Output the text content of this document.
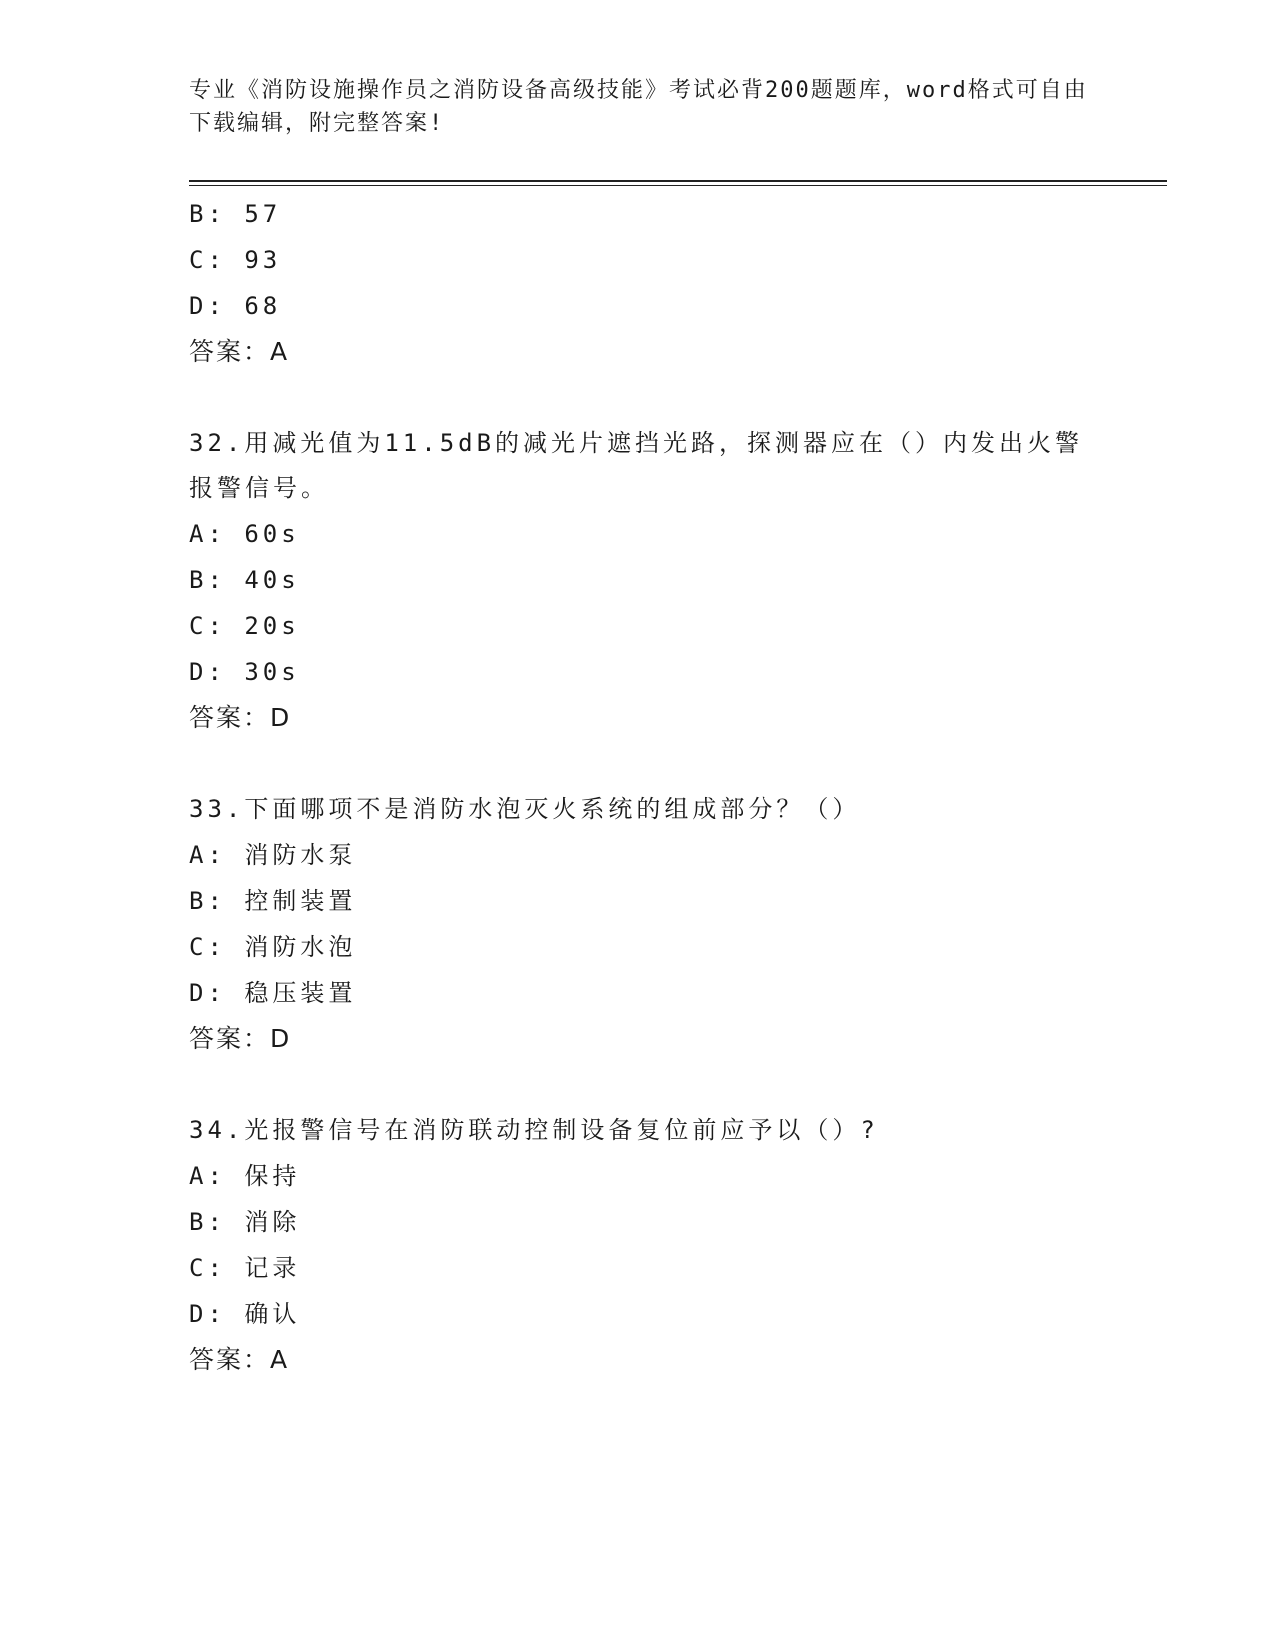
专业《消防设施操作员之消防设备高级技能》考试必背200题题库，word格式可自由下载编辑，附完整答案!
B: 57
C: 93
D: 68
答案：A
32.用减光值为11.5dB的减光片遮挡光路，探测器应在（）内发出火警报警信号。
A: 60s
B: 40s
C: 20s
D: 30s
答案：D
33.下面哪项不是消防水泡灭火系统的组成部分？（）
A: 消防水泵
B: 控制装置
C: 消防水泡
D: 稳压装置
答案：D
34.光报警信号在消防联动控制设备复位前应予以（）?
A: 保持
B: 消除
C: 记录
D: 确认
答案：A
